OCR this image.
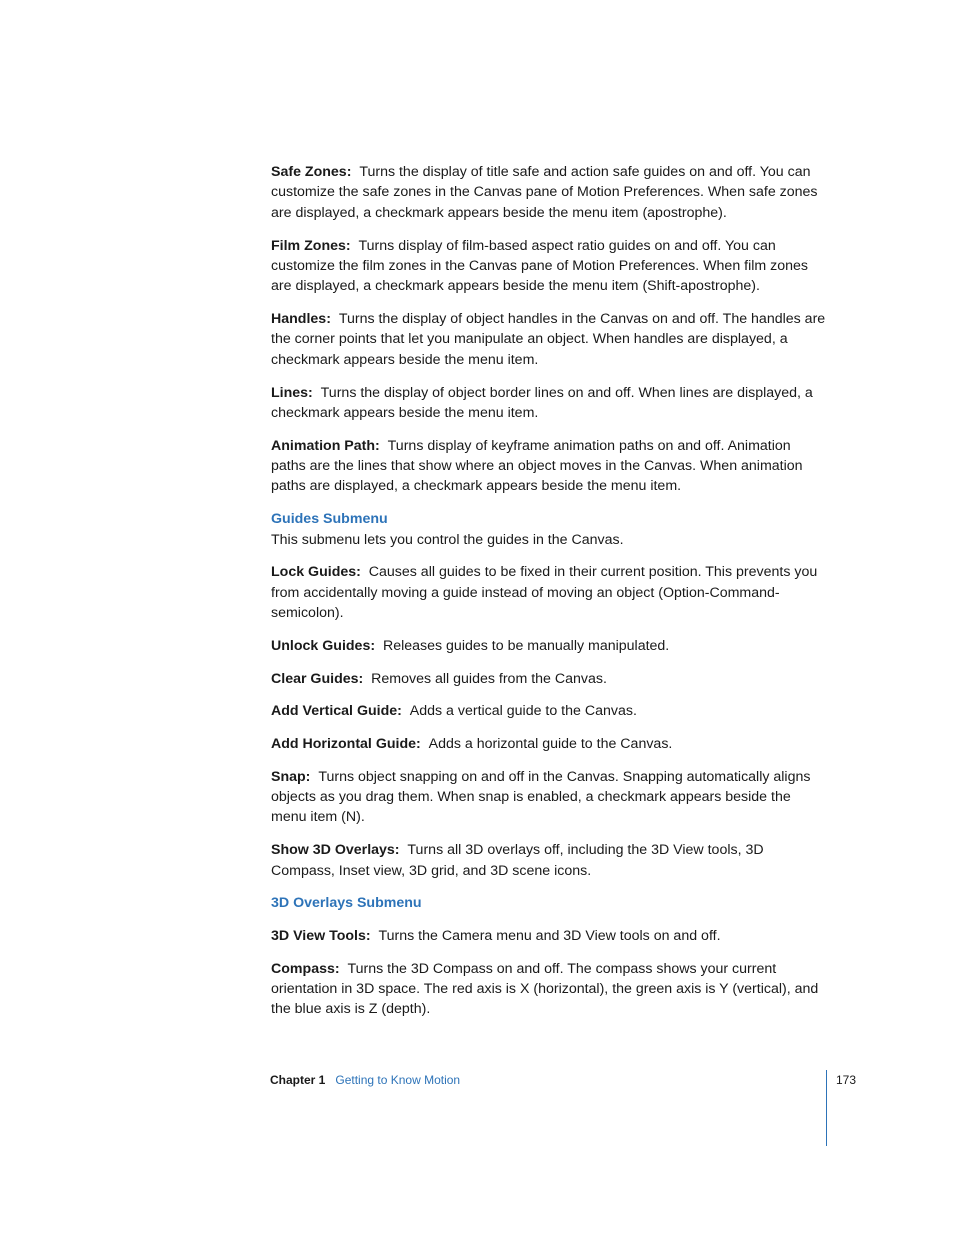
Safe Zones: Turns the display of title safe and action safe guides on and off. You can customize the safe zones in the Canvas pane of Motion Preferences. When safe zones are displayed, a checkmark appears beside the menu item (apostrophe).

Film Zones: Turns display of film-based aspect ratio guides on and off. You can customize the film zones in the Canvas pane of Motion Preferences. When film zones are displayed, a checkmark appears beside the menu item (Shift-apostrophe).

Handles: Turns the display of object handles in the Canvas on and off. The handles are the corner points that let you manipulate an object. When handles are displayed, a checkmark appears beside the menu item.

Lines: Turns the display of object border lines on and off. When lines are displayed, a checkmark appears beside the menu item.

Animation Path: Turns display of keyframe animation paths on and off. Animation paths are the lines that show where an object moves in the Canvas. When animation paths are displayed, a checkmark appears beside the menu item.

Guides Submenu

This submenu lets you control the guides in the Canvas.

Lock Guides: Causes all guides to be fixed in their current position. This prevents you from accidentally moving a guide instead of moving an object (Option-Command-semicolon).

Unlock Guides: Releases guides to be manually manipulated.

Clear Guides: Removes all guides from the Canvas.

Add Vertical Guide: Adds a vertical guide to the Canvas.

Add Horizontal Guide: Adds a horizontal guide to the Canvas.

Snap: Turns object snapping on and off in the Canvas. Snapping automatically aligns objects as you drag them. When snap is enabled, a checkmark appears beside the menu item (N).

Show 3D Overlays: Turns all 3D overlays off, including the 3D View tools, 3D Compass, Inset view, 3D grid, and 3D scene icons.

3D Overlays Submenu

3D View Tools: Turns the Camera menu and 3D View tools on and off.

Compass: Turns the 3D Compass on and off. The compass shows your current orientation in 3D space. The red axis is X (horizontal), the green axis is Y (vertical), and the blue axis is Z (depth).

Chapter 1 Getting to Know Motion	173
